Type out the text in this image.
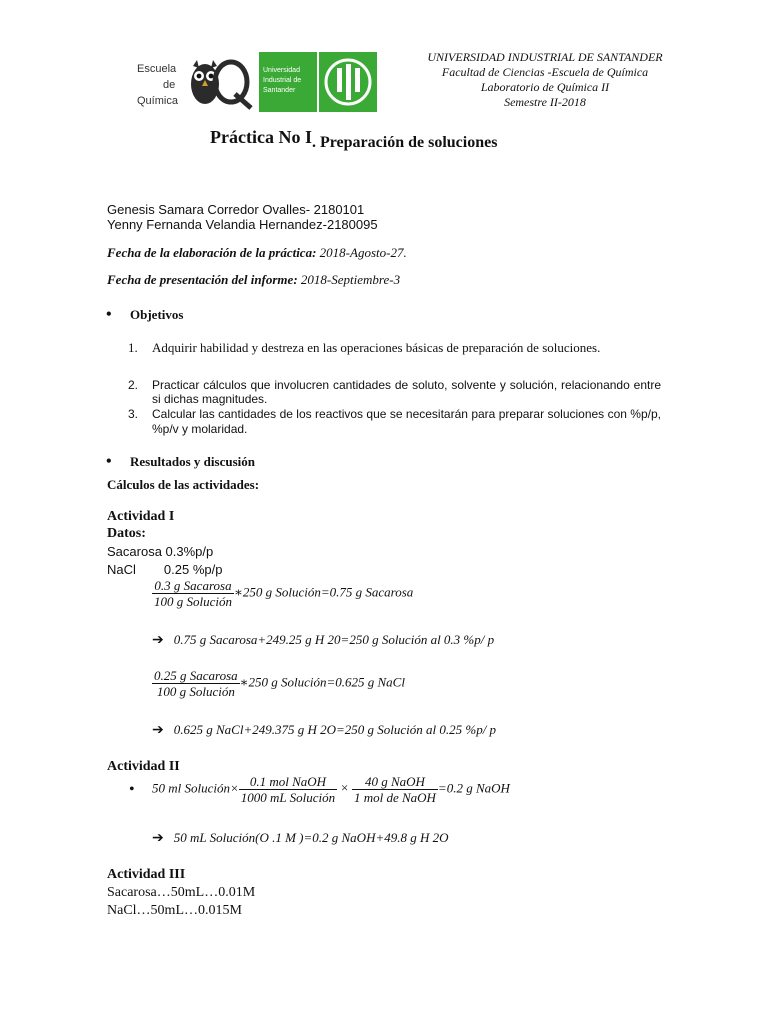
Escuela
de
Química
Universidad
Industrial de
Santander
UNIVERSIDAD INDUSTRIAL DE SANTANDER
Facultad de Ciencias -Escuela de Química
Laboratorio de Química II
Semestre II-2018
Práctica No I. Preparación de soluciones
Genesis Samara Corredor Ovalles- 2180101
Yenny Fernanda Velandia Hernandez-2180095
Fecha de la elaboración de la práctica: 2018-Agosto-27.
Fecha de presentación del informe: 2018-Septiembre-3
• Objetivos
1. Adquirir habilidad y destreza en las operaciones básicas de preparación de soluciones.
2. Practicar cálculos que involucren cantidades de soluto, solvente y solución, relacionando entre si dichas magnitudes.
3. Calcular las cantidades de los reactivos que se necesitarán para preparar soluciones con %p/p, %p/v y molaridad.
• Resultados y discusión
Cálculos de las actividades:
Actividad I
Datos:
Sacarosa 0.3%p/p
NaCl 0.25 %p/p
$\frac{\text{0.3 g Sacarosa}}{\text{100 g Solución}}$ ∗250 g Solución=0.75 g Sacarosa
➔ 0.75 g Sacarosa+249.25 g H 20=250 g Solución al 0.3 %p/ p
$\frac{\text{0.25 g Sacarosa}}{\text{100 g Solución}}$ ∗250 g Solución=0.625 g NaCl
➔ 0.625 g NaCl+249.375 g H 2O=250 g Solución al 0.25 %p/ p
Actividad II
• 50 ml Solución× $\frac{\text{0.1 mol NaOH}}{\text{1000 mL Solución}} \times \frac{\text{40 g NaOH}}{\text{1 mol de NaOH}} =0.2$ g NaOH
➔ 50 mL Solución(O .1 M )=0.2 g NaOH+49.8 g H 2O
Actividad III
Sacarosa…50mL…0.01M
NaCl…50mL…0.015M
